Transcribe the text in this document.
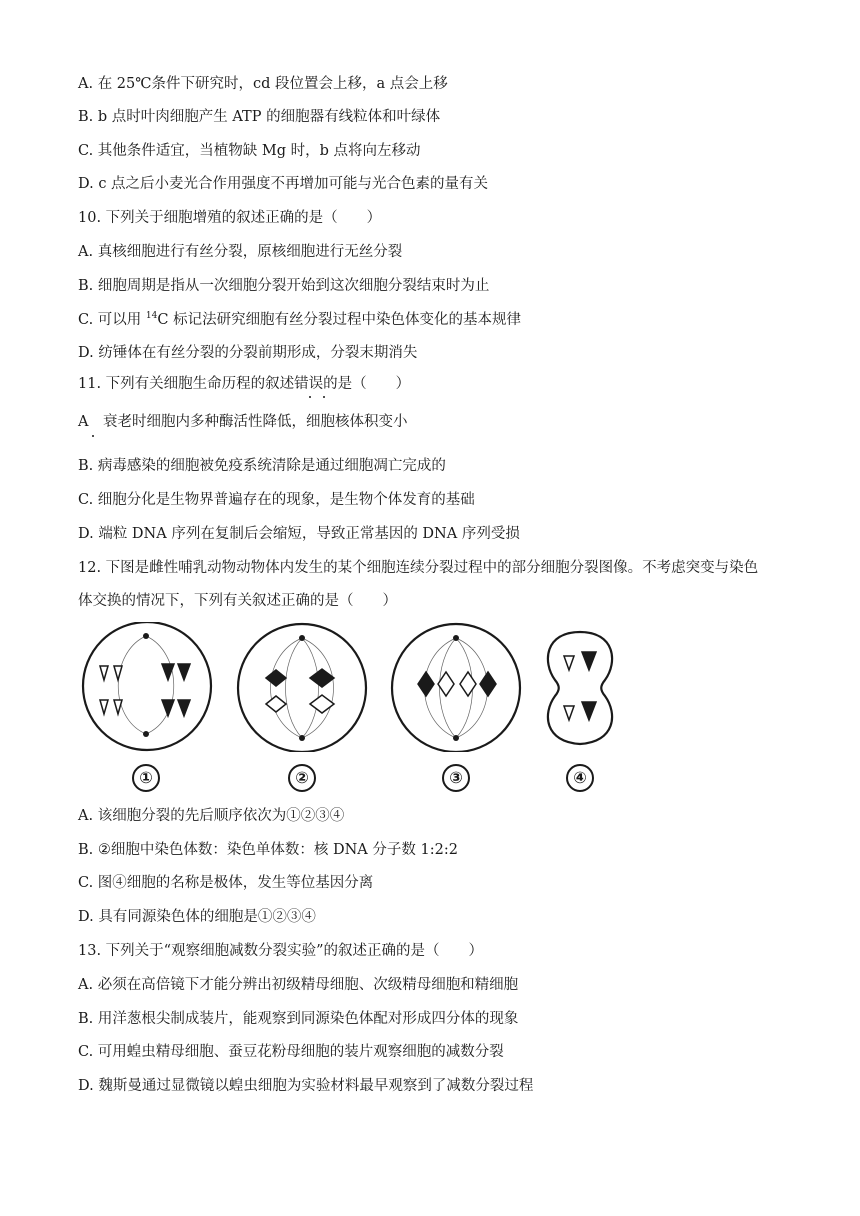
A. 在 25℃条件下研究时，cd 段位置会上移，a 点会上移
B. b 点时叶肉细胞产生 ATP 的细胞器有线粒体和叶绿体
C. 其他条件适宜，当植物缺 Mg 时，b 点将向左移动
D. c 点之后小麦光合作用强度不再增加可能与光合色素的量有关
10. 下列关于细胞增殖的叙述正确的是（　　）
A. 真核细胞进行有丝分裂，原核细胞进行无丝分裂
B. 细胞周期是指从一次细胞分裂开始到这次细胞分裂结束时为止
C. 可以用 $^{14}$C 标记法研究细胞有丝分裂过程中染色体变化的基本规律
D. 纺锤体在有丝分裂的分裂前期形成，分裂末期消失
11. 下列有关细胞生命历程的叙述错误的是（　　）
A　衰老时细胞内多种酶活性降低，细胞核体积变小
B. 病毒感染的细胞被免疫系统清除是通过细胞凋亡完成的
C. 细胞分化是生物界普遍存在的现象，是生物个体发育的基础
D. 端粒 DNA 序列在复制后会缩短，导致正常基因的 DNA 序列受损
12. 下图是雌性哺乳动物动物体内发生的某个细胞连续分裂过程中的部分细胞分裂图像。不考虑突变与染色
体交换的情况下，下列有关叙述正确的是（　　）
①	②	③	④
A. 该细胞分裂的先后顺序依次为①②③④
B. ②细胞中染色体数：染色单体数：核 DNA 分子数 1:2:2
C. 图④细胞的名称是极体，发生等位基因分离
D. 具有同源染色体的细胞是①②③④
13. 下列关于“观察细胞减数分裂实验”的叙述正确的是（　　）
A. 必须在高倍镜下才能分辨出初级精母细胞、次级精母细胞和精细胞
B. 用洋葱根尖制成装片，能观察到同源染色体配对形成四分体的现象
C. 可用蝗虫精母细胞、蚕豆花粉母细胞的装片观察细胞的减数分裂
D. 魏斯曼通过显微镜以蝗虫细胞为实验材料最早观察到了减数分裂过程
